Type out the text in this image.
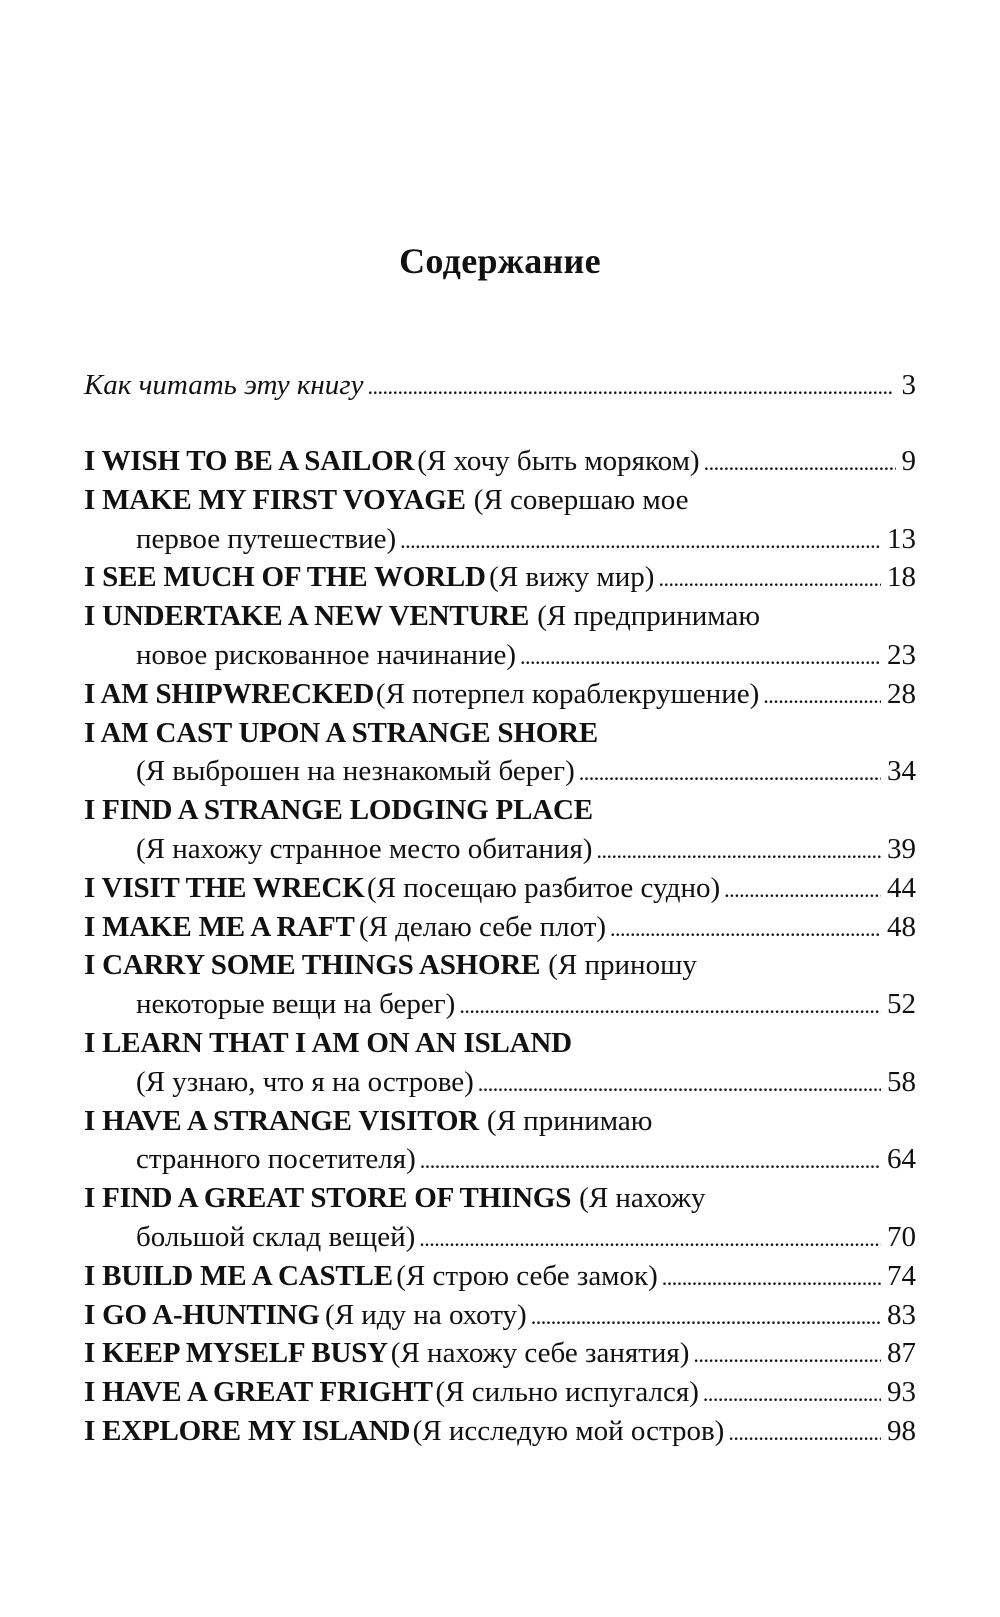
Содержание
Как читать эту книгу . . .	3
I WISH TO BE A SAILOR (Я хочу быть моряком) . . .	9
I MAKE MY FIRST VOYAGE (Я совершаю мое
первое путешествие) . . .	13
I SEE MUCH OF THE WORLD (Я вижу мир) . . .	18
I UNDERTAKE A NEW VENTURE (Я предпринимаю
новое рискованное начинание) . . .	23
I AM SHIPWRECKED (Я потерпел кораблекрушение) . . .	28
I AM CAST UPON A STRANGE SHORE
(Я выброшен на незнакомый берег) . . .	34
I FIND A STRANGE LODGING PLACE
(Я нахожу странное место обитания) . . .	39
I VISIT THE WRECK (Я посещаю разбитое судно) . . .	44
I MAKE ME A RAFT (Я делаю себе плот) . . .	48
I CARRY SOME THINGS ASHORE (Я приношу
некоторые вещи на берег) . . .	52
I LEARN THAT I AM ON AN ISLAND
(Я узнаю, что я на острове) . . .	58
I HAVE A STRANGE VISITOR (Я принимаю
странного посетителя) . . .	64
I FIND A GREAT STORE OF THINGS (Я нахожу
большой склад вещей) . . .	70
I BUILD ME A CASTLE (Я строю себе замок) . . .	74
I GO A-HUNTING (Я иду на охоту) . . .	83
I KEEP MYSELF BUSY (Я нахожу себе занятия) . . .	87
I HAVE A GREAT FRIGHT (Я сильно испугался) . . .	93
I EXPLORE MY ISLAND (Я исследую мой остров) . . .	98
